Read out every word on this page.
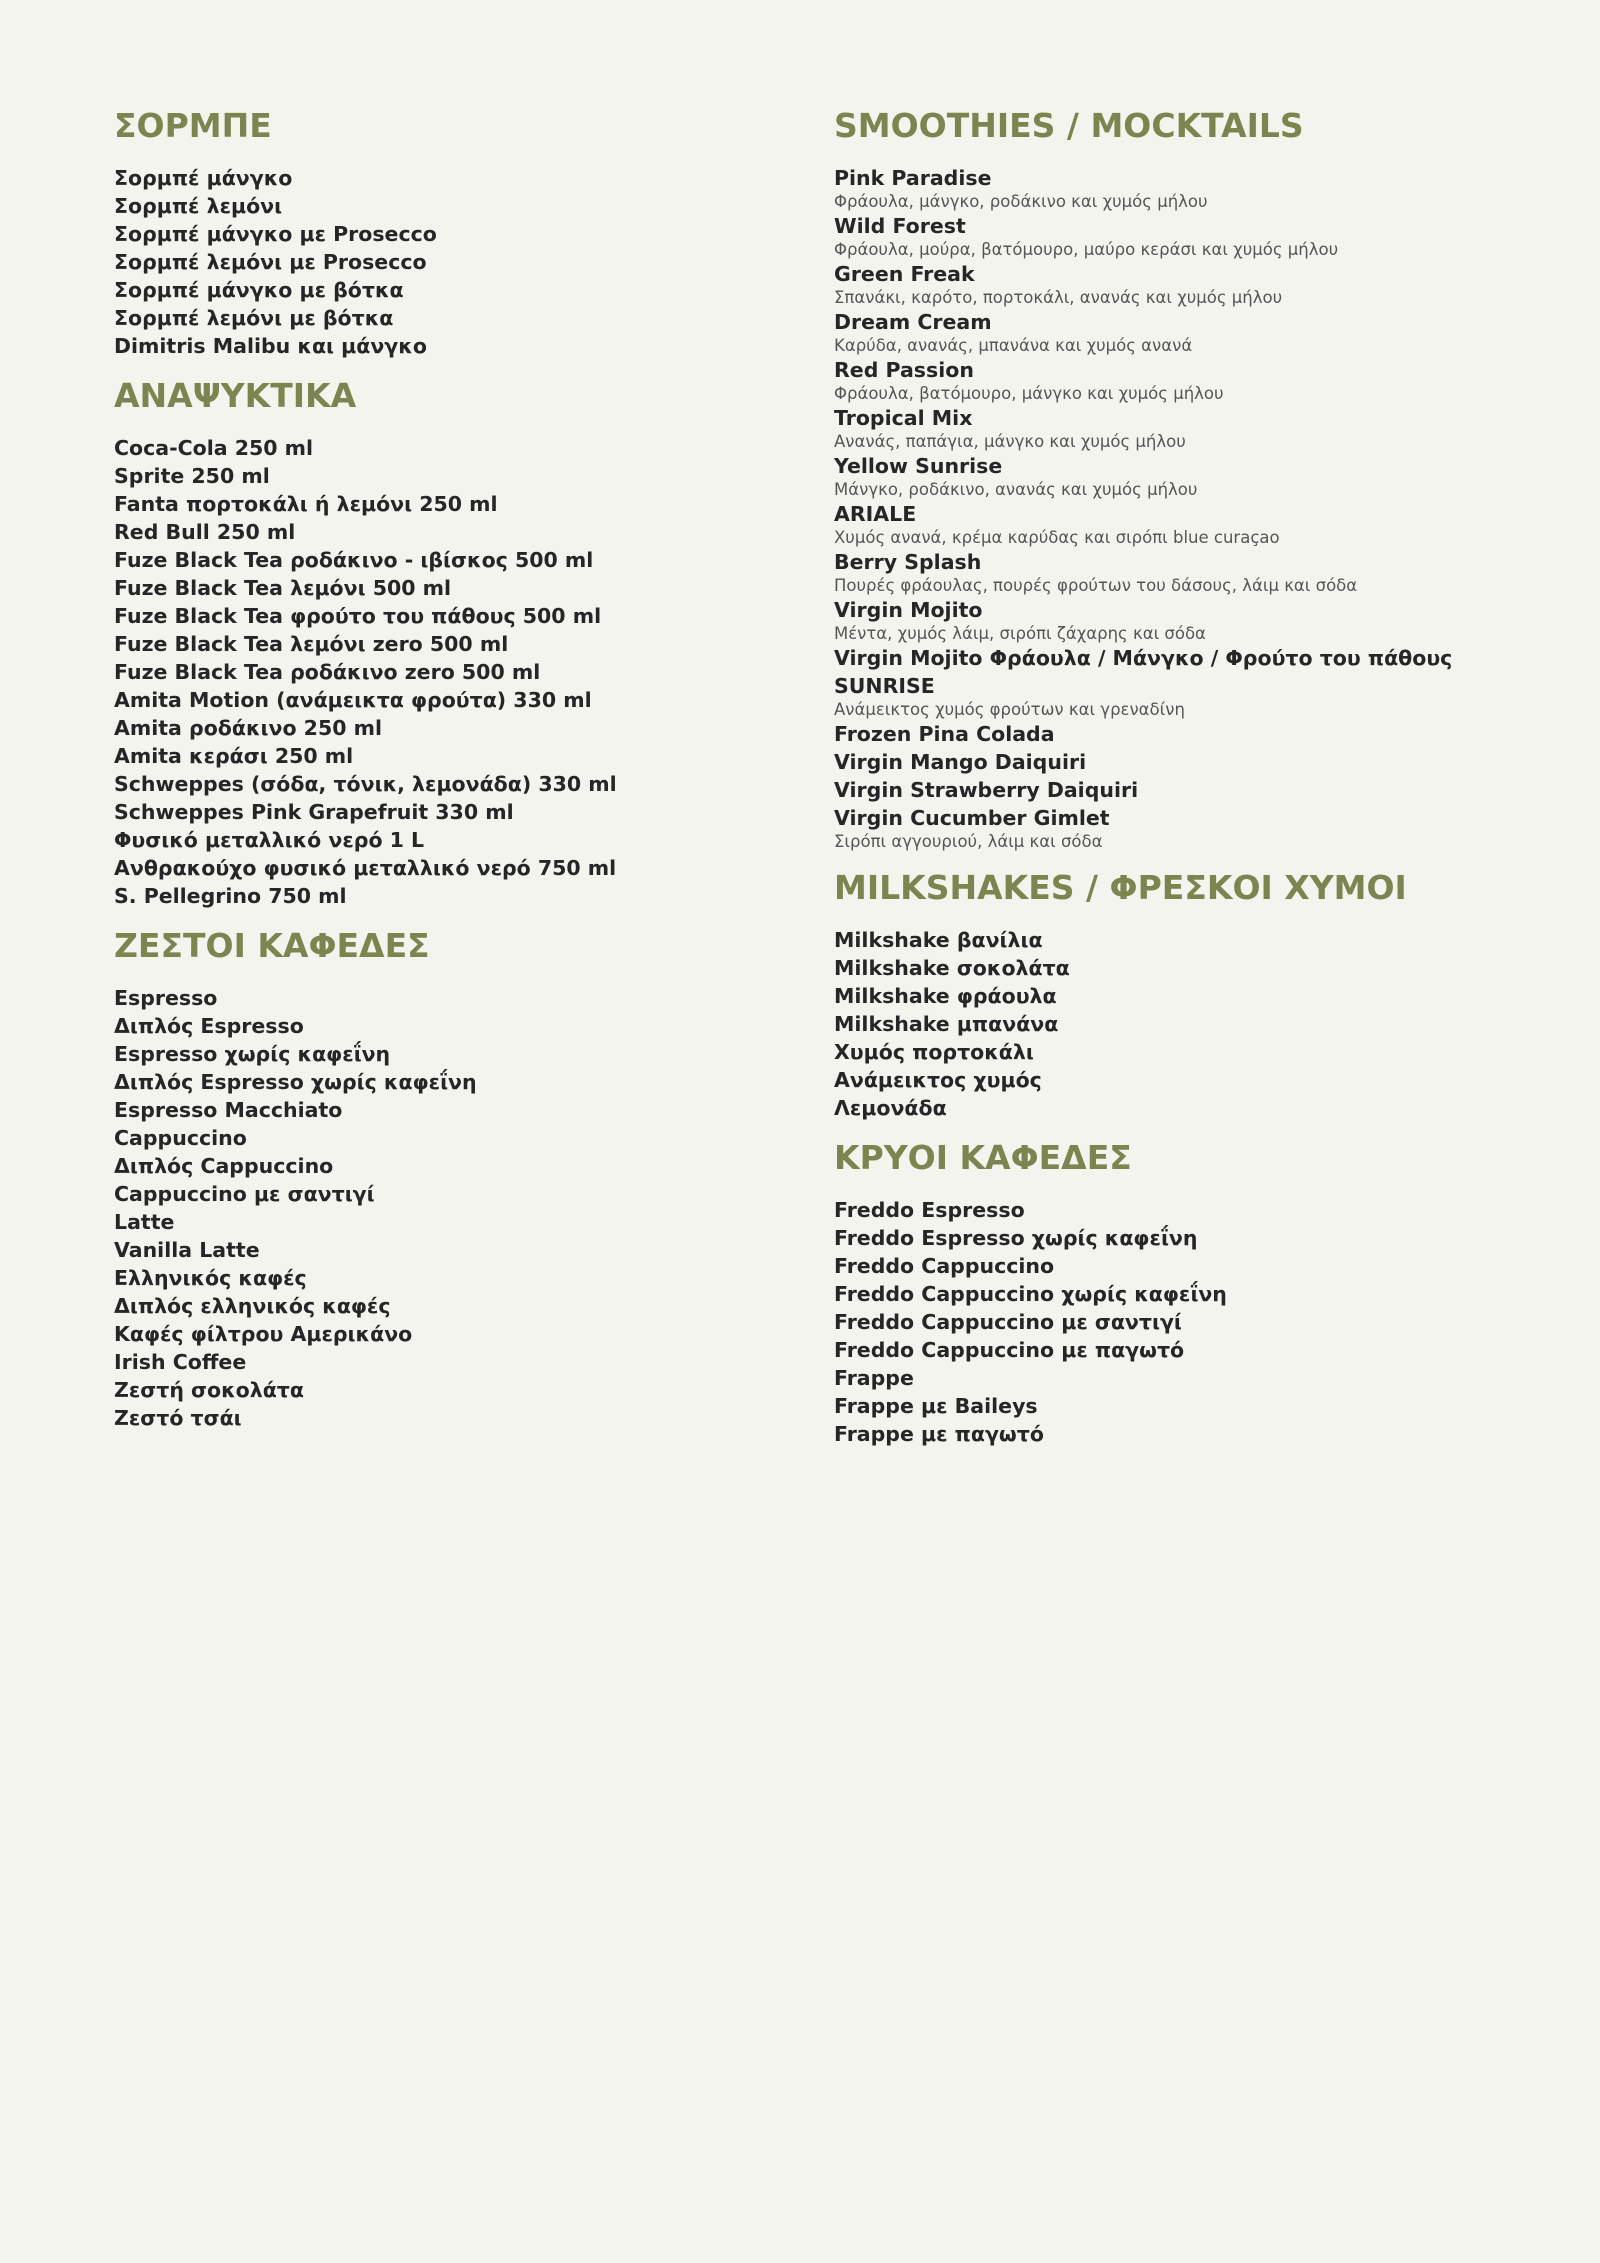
ΣΟΡΜΠΕ
Σορμπέ μάνγκο
Σορμπέ λεμόνι
Σορμπέ μάνγκο με Prosecco
Σορμπέ λεμόνι με Prosecco
Σορμπέ μάνγκο με βότκα
Σορμπέ λεμόνι με βότκα
Dimitris Malibu και μάνγκο
ΑΝΑΨΥΚΤΙΚΑ
Coca-Cola 250 ml
Sprite 250 ml
Fanta πορτοκάλι ή λεμόνι 250 ml
Red Bull 250 ml
Fuze Black Tea ροδάκινο - ιβίσκος 500 ml
Fuze Black Tea λεμόνι 500 ml
Fuze Black Tea φρούτο του πάθους 500 ml
Fuze Black Tea λεμόνι zero 500 ml
Fuze Black Tea ροδάκινο zero 500 ml
Amita Motion (ανάμεικτα φρούτα) 330 ml
Amita ροδάκινο 250 ml
Amita κεράσι 250 ml
Schweppes (σόδα, τόνικ, λεμονάδα) 330 ml
Schweppes Pink Grapefruit 330 ml
Φυσικό μεταλλικό νερό 1 L
Ανθρακούχο φυσικό μεταλλικό νερό 750 ml
S. Pellegrino 750 ml
ΖΕΣΤΟΙ ΚΑΦΕΔΕΣ
Espresso
Διπλός Espresso
Espresso χωρίς καφεΐνη
Διπλός Espresso χωρίς καφεΐνη
Espresso Macchiato
Cappuccino
Διπλός Cappuccino
Cappuccino με σαντιγί
Latte
Vanilla Latte
Ελληνικός καφές
Διπλός ελληνικός καφές
Καφές φίλτρου Αμερικάνο
Irish Coffee
Ζεστή σοκολάτα
Ζεστό τσάι
SMOOTHIES / MOCKTAILS
Pink Paradise
Φράουλα, μάνγκο, ροδάκινο και χυμός μήλου
Wild Forest
Φράουλα, μούρα, βατόμουρο, μαύρο κεράσι και χυμός μήλου
Green Freak
Σπανάκι, καρότο, πορτοκάλι, ανανάς και χυμός μήλου
Dream Cream
Καρύδα, ανανάς, μπανάνα και χυμός ανανά
Red Passion
Φράουλα, βατόμουρο, μάνγκο και χυμός μήλου
Tropical Mix
Ανανάς, παπάγια, μάνγκο και χυμός μήλου
Yellow Sunrise
Μάνγκο, ροδάκινο, ανανάς και χυμός μήλου
ARIALE
Χυμός ανανά, κρέμα καρύδας και σιρόπι blue curaçao
Berry Splash
Πουρές φράουλας, πουρές φρούτων του δάσους, λάιμ και σόδα
Virgin Mojito
Μέντα, χυμός λάιμ, σιρόπι ζάχαρης και σόδα
Virgin Mojito Φράουλα / Μάνγκο / Φρούτο του πάθους
SUNRISE
Ανάμεικτος χυμός φρούτων και γρεναδίνη
Frozen Pina Colada
Virgin Mango Daiquiri
Virgin Strawberry Daiquiri
Virgin Cucumber Gimlet
Σιρόπι αγγουριού, λάιμ και σόδα
MILKSHAKES / ΦΡΕΣΚΟΙ ΧΥΜΟΙ
Milkshake βανίλια
Milkshake σοκολάτα
Milkshake φράουλα
Milkshake μπανάνα
Χυμός πορτοκάλι
Ανάμεικτος χυμός
Λεμονάδα
ΚΡΥΟΙ ΚΑΦΕΔΕΣ
Freddo Espresso
Freddo Espresso χωρίς καφεΐνη
Freddo Cappuccino
Freddo Cappuccino χωρίς καφεΐνη
Freddo Cappuccino με σαντιγί
Freddo Cappuccino με παγωτό
Frappe
Frappe με Baileys
Frappe με παγωτό
